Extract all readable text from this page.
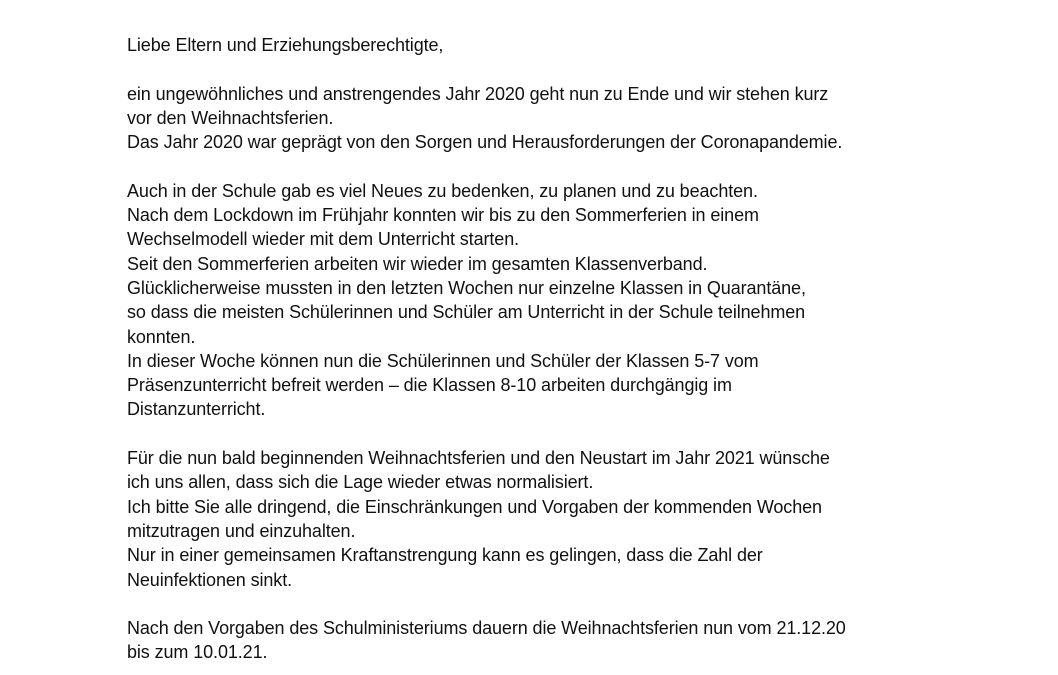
Liebe Eltern und Erziehungsberechtigte,
ein ungewöhnliches und anstrengendes Jahr 2020 geht nun zu Ende und wir stehen kurz
vor den Weihnachtsferien.
Das Jahr 2020 war geprägt von den Sorgen und Herausforderungen der Coronapandemie.
Auch in der Schule gab es viel Neues zu bedenken, zu planen und zu beachten.
Nach dem Lockdown im Frühjahr konnten wir bis zu den Sommerferien in einem
Wechselmodell wieder mit dem Unterricht starten.
Seit den Sommerferien arbeiten wir wieder im gesamten Klassenverband.
Glücklicherweise mussten in den letzten Wochen nur einzelne Klassen in Quarantäne,
so dass die meisten Schülerinnen und Schüler am Unterricht in der Schule teilnehmen
konnten.
In dieser Woche können nun die Schülerinnen und Schüler der Klassen 5-7 vom
Präsenzunterricht befreit werden – die Klassen 8-10 arbeiten durchgängig im
Distanzunterricht.
Für die nun bald beginnenden Weihnachtsferien und den Neustart im Jahr 2021 wünsche
ich uns allen, dass sich die Lage wieder etwas normalisiert.
Ich bitte Sie alle dringend, die Einschränkungen und Vorgaben der kommenden Wochen
mitzutragen und einzuhalten.
Nur in einer gemeinsamen Kraftanstrengung kann es gelingen, dass die Zahl der
Neuinfektionen sinkt.
Nach den Vorgaben des Schulministeriums dauern die Weihnachtsferien nun vom 21.12.20
bis zum 10.01.21.
